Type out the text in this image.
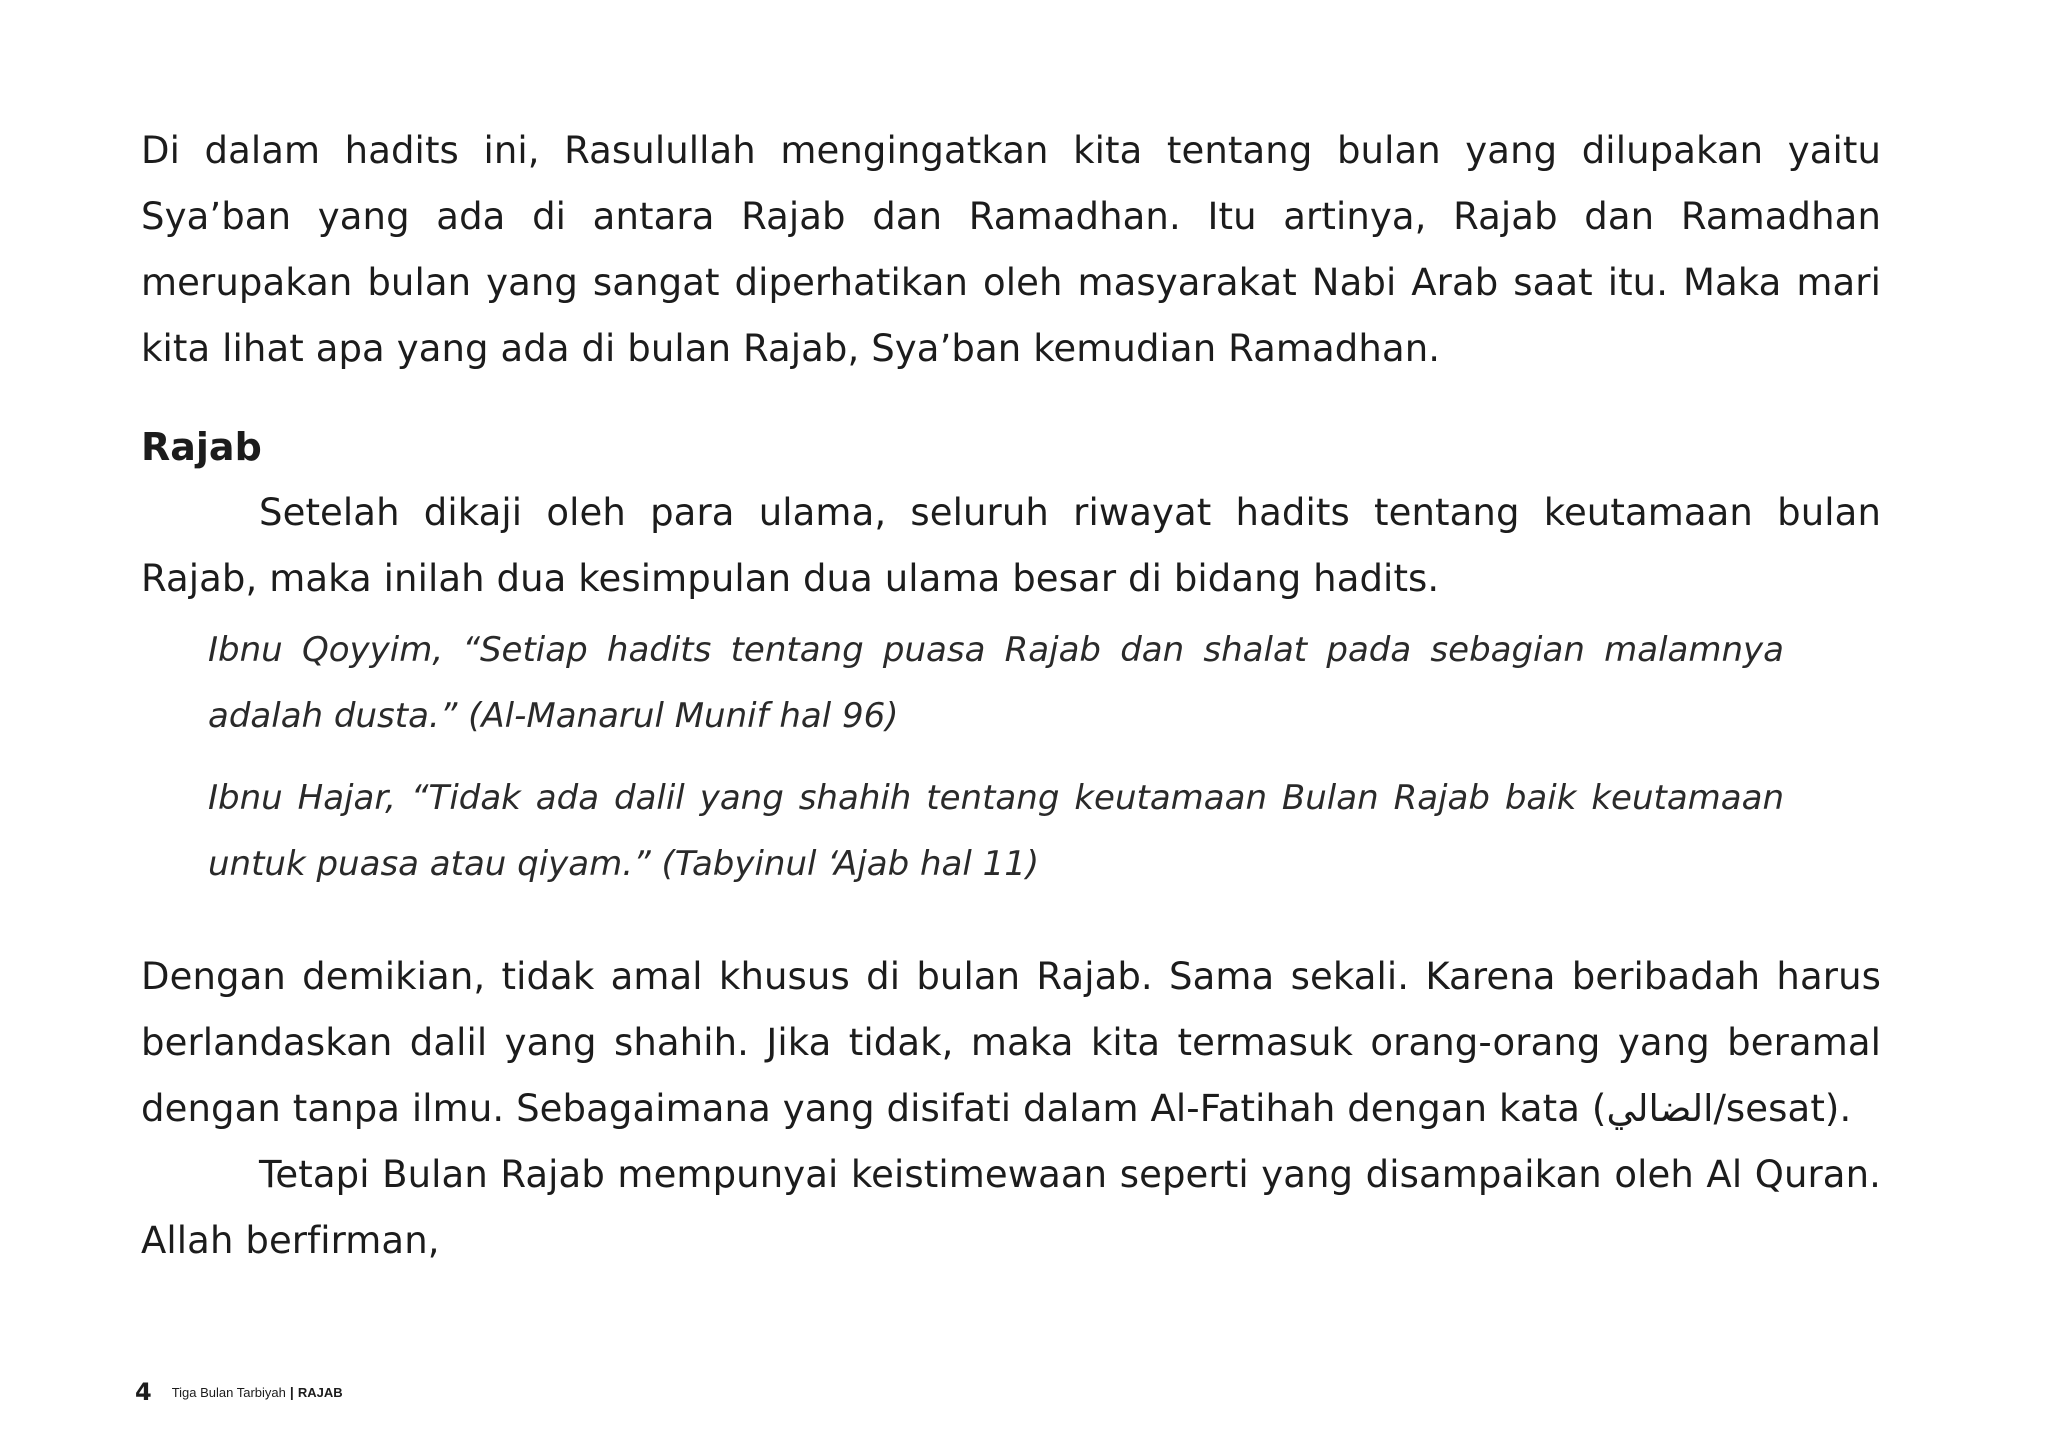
Di dalam hadits ini, Rasulullah mengingatkan kita tentang bulan yang dilupakan yaitu Sya’ban yang ada di antara Rajab dan Ramadhan. Itu artinya, Rajab dan Ramadhan merupakan bulan yang sangat diperhatikan oleh masyarakat Nabi Arab saat itu. Maka mari kita lihat apa yang ada di bulan Rajab, Sya’ban kemudian Ramadhan.

Rajab

Setelah dikaji oleh para ulama, seluruh riwayat hadits tentang keutamaan bulan Rajab, maka inilah dua kesimpulan dua ulama besar di bidang hadits.

Ibnu Qoyyim, “Setiap hadits tentang puasa Rajab dan shalat pada sebagian malamnya adalah dusta.” (Al-Manarul Munif hal 96)

Ibnu Hajar, “Tidak ada dalil yang shahih tentang keutamaan Bulan Rajab baik keutamaan untuk puasa atau qiyam.” (Tabyinul ‘Ajab hal 11)

Dengan demikian, tidak amal khusus di bulan Rajab. Sama sekali. Karena beribadah harus berlandaskan dalil yang shahih. Jika tidak, maka kita termasuk orang-orang yang beramal dengan tanpa ilmu. Sebagaimana yang disifati dalam Al-Fatihah dengan kata (الضالي/sesat).

Tetapi Bulan Rajab mempunyai keistimewaan seperti yang disampaikan oleh Al Quran. Allah berfirman,

4 Tiga Bulan Tarbiyah | RAJAB
